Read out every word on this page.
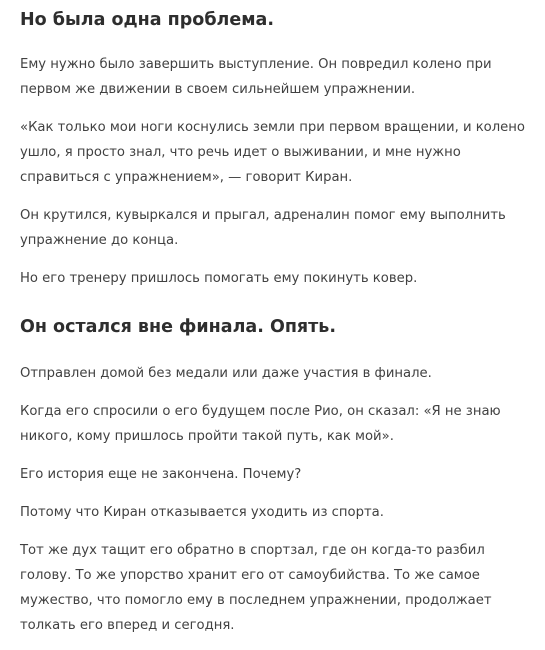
Но была одна проблема.

Ему нужно было завершить выступление. Он повредил колено при первом же движении в своем сильнейшем упражнении.

«Как только мои ноги коснулись земли при первом вращении, и колено ушло, я просто знал, что речь идет о выживании, и мне нужно справиться с упражнением», — говорит Киран.

Он крутился, кувыркался и прыгал, адреналин помог ему выполнить упражнение до конца.

Но его тренеру пришлось помогать ему покинуть ковер.

Он остался вне финала. Опять.

Отправлен домой без медали или даже участия в финале.

Когда его спросили о его будущем после Рио, он сказал: «Я не знаю никого, кому пришлось пройти такой путь, как мой».

Его история еще не закончена. Почему?

Потому что Киран отказывается уходить из спорта.

Тот же дух тащит его обратно в спортзал, где он когда-то разбил голову. То же упорство хранит его от самоубийства. То же самое мужество, что помогло ему в последнем упражнении, продолжает толкать его вперед и сегодня.
